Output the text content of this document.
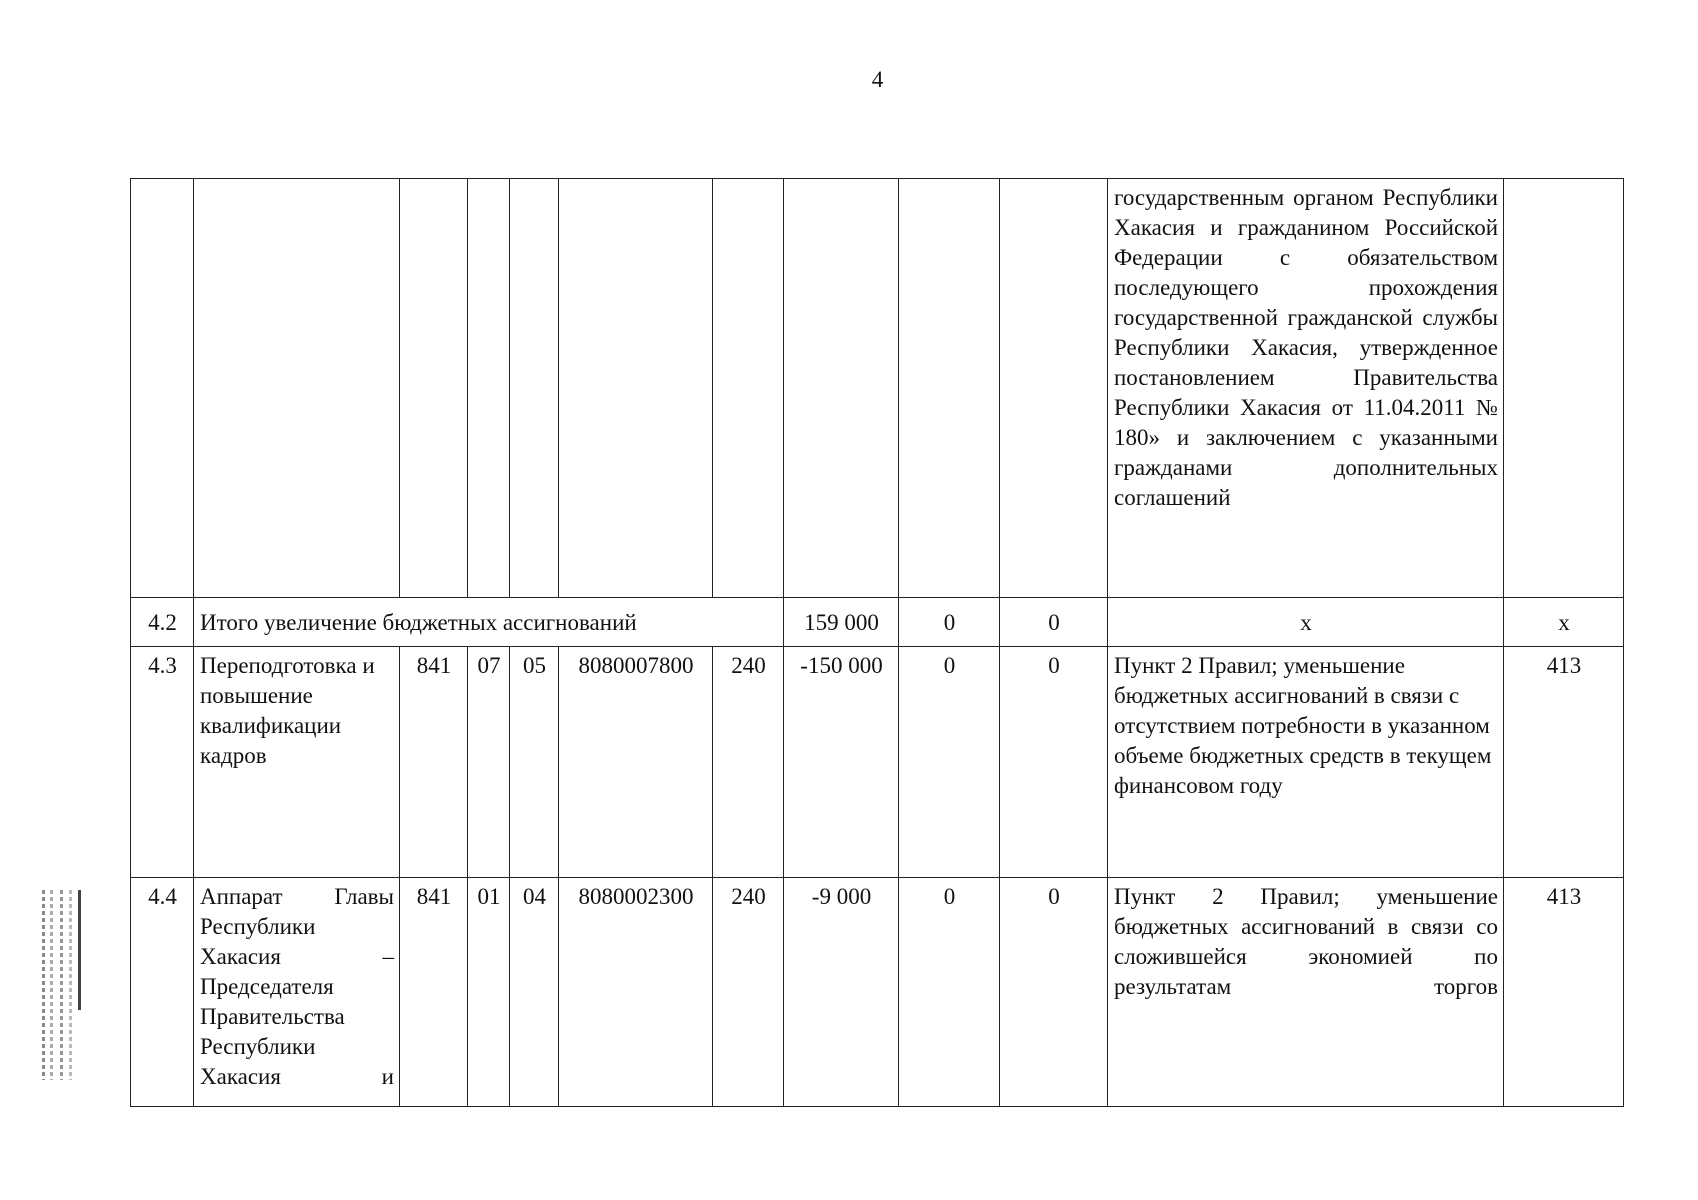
4
										государственным органом Республики Хакасия и гражданином Российской Федерации с обязательством последующего прохождения государственной гражданской службы Республики Хакасия, утвержденное постановлением Правительства Республики Хакасия от 11.04.2011 № 180» и заключением с указанными гражданами дополнительных соглашений	
4.2	Итого увеличение бюджетных ассигнований						159 000	0	0	х	х
4.3	Переподготовка и повышение квалификации кадров	841	07	05	8080007800	240	-150 000	0	0	Пункт 2 Правил; уменьшение бюджетных ассигнований в связи с отсутствием потребности в указанном объеме бюджетных средств в текущем финансовом году	413
4.4	Аппарат Главы Республики Хакасия – Председателя Правительства Республики Хакасия и	841	01	04	8080002300	240	-9 000	0	0	Пункт 2 Правил; уменьшение бюджетных ассигнований в связи со сложившейся экономией по результатам торгов	413
